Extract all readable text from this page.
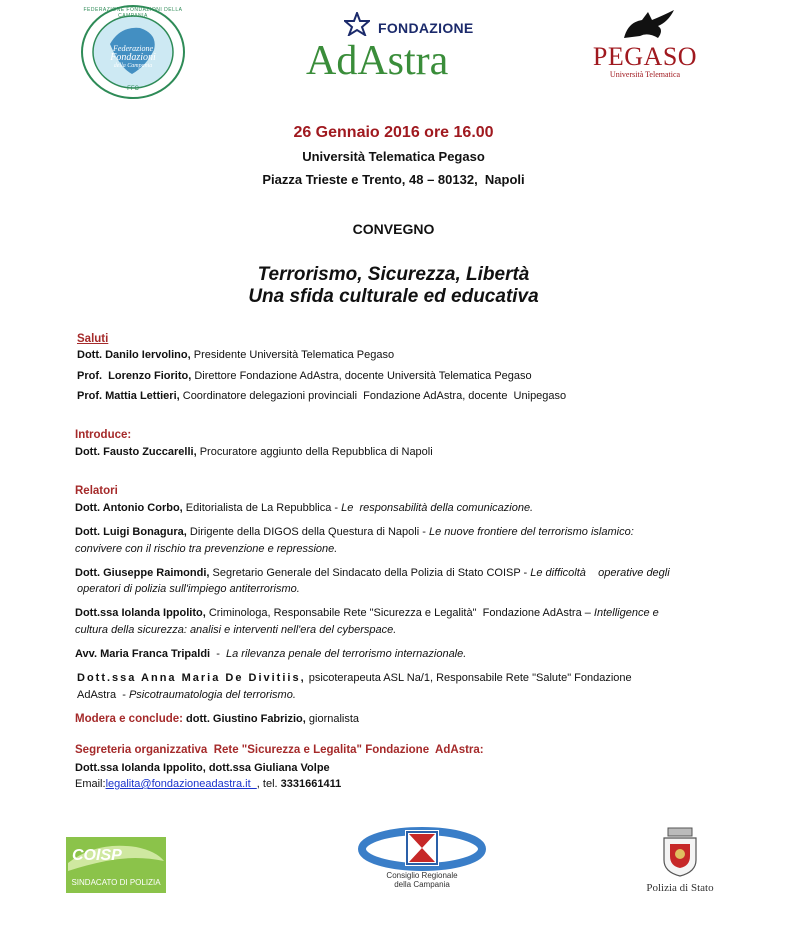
FEDERAZIONE FONDAZIONI DELLA CAMPANIA
Federazione
Fondazioni
della Campania
FFC
FONDAZIONE
AdAstra	PEGASO
Università Telematica
26 Gennaio 2016 ore 16.00
Università Telematica Pegaso
Piazza Trieste e Trento, 48 – 80132,  Napoli
CONVEGNO
Terrorismo, Sicurezza, Libertà
Una sfida culturale ed educativa
Saluti
Dott. Danilo Iervolino, Presidente Università Telematica Pegaso
Prof.  Lorenzo Fiorito, Direttore Fondazione AdAstra, docente Università Telematica Pegaso
Prof. Mattia Lettieri, Coordinatore delegazioni provinciali  Fondazione AdAstra, docente  Unipegaso
Introduce:
Dott. Fausto Zuccarelli, Procuratore aggiunto della Repubblica di Napoli
Relatori
Dott. Antonio Corbo, Editorialista de La Repubblica - Le  responsabilità della comunicazione.
Dott. Luigi Bonagura, Dirigente della DIGOS della Questura di Napoli - Le nuove frontiere del terrorismo islamico:
convivere con il rischio tra prevenzione e repressione.
Dott. Giuseppe Raimondi, Segretario Generale del Sindacato della Polizia di Stato COISP - Le difficoltà    operative degli
operatori di polizia sull'impiego antiterrorismo.
Dott.ssa Iolanda Ippolito, Criminologa, Responsabile Rete "Sicurezza e Legalità"  Fondazione AdAstra – Intelligence e
cultura della sicurezza: analisi e interventi nell'era del cyberspace.
Avv. Maria Franca Tripaldi  -  La rilevanza penale del terrorismo internazionale.
Dott.ssa Anna Maria De Divitiis, psicoterapeuta ASL Na/1, Responsabile Rete "Salute" Fondazione
AdAstra  - Psicotraumatologia del terrorismo.
Modera e conclude: dott. Giustino Fabrizio, giornalista
Segreteria organizzativa  Rete "Sicurezza e Legalita" Fondazione  AdAstra:
Dott.ssa Iolanda Ippolito, dott.ssa Giuliana Volpe
Email:legalita@fondazioneadastra.it  , tel. 3331661411
COISP
SINDACATO DI POLIZIA
Consiglio Regionale
della Campania	Polizia di Stato
